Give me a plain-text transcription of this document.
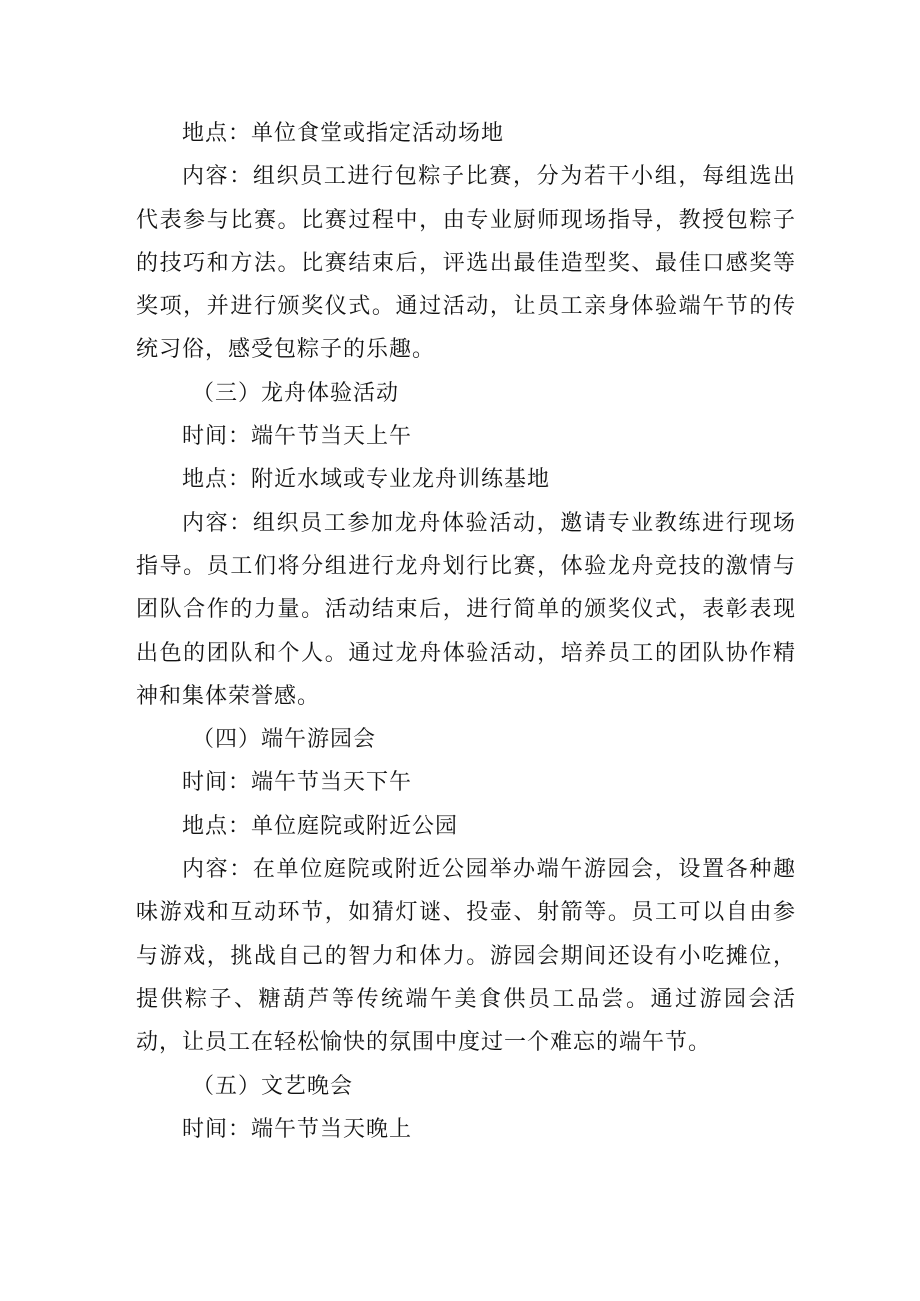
地点：单位食堂或指定活动场地

内容：组织员工进行包粽子比赛，分为若干小组，每组选出代表参与比赛。比赛过程中，由专业厨师现场指导，教授包粽子的技巧和方法。比赛结束后，评选出最佳造型奖、最佳口感奖等奖项，并进行颁奖仪式。通过活动，让员工亲身体验端午节的传统习俗，感受包粽子的乐趣。

（三）龙舟体验活动

时间：端午节当天上午

地点：附近水域或专业龙舟训练基地

内容：组织员工参加龙舟体验活动，邀请专业教练进行现场指导。员工们将分组进行龙舟划行比赛，体验龙舟竞技的激情与团队合作的力量。活动结束后，进行简单的颁奖仪式，表彰表现出色的团队和个人。通过龙舟体验活动，培养员工的团队协作精神和集体荣誉感。

（四）端午游园会

时间：端午节当天下午

地点：单位庭院或附近公园

内容：在单位庭院或附近公园举办端午游园会，设置各种趣味游戏和互动环节，如猜灯谜、投壶、射箭等。员工可以自由参与游戏，挑战自己的智力和体力。游园会期间还设有小吃摊位，提供粽子、糖葫芦等传统端午美食供员工品尝。通过游园会活动，让员工在轻松愉快的氛围中度过一个难忘的端午节。

（五）文艺晚会

时间：端午节当天晚上
